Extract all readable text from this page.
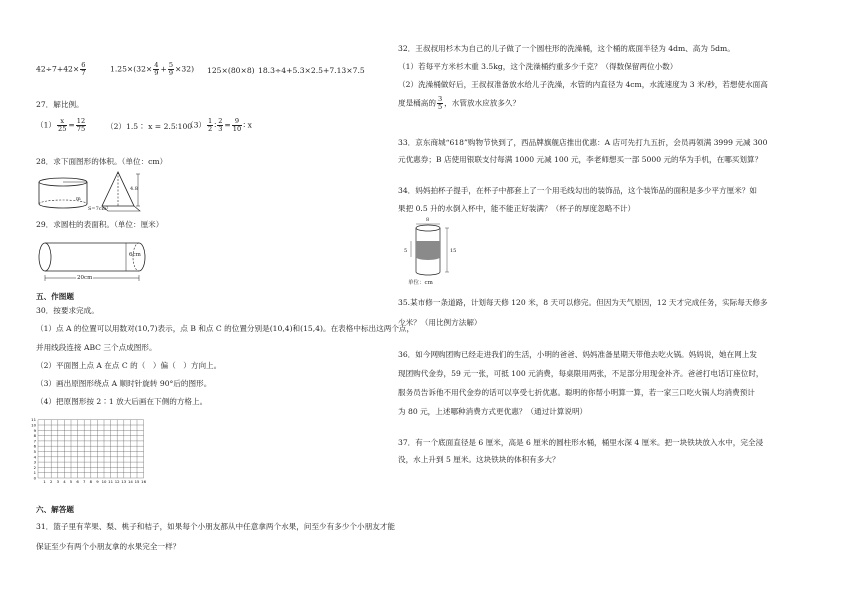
$42\div 7+42\times \frac{6}{7}$	$1.25\times(32\times \frac{4}{9} + \frac{5}{9} \times 32)$ 125×(80×8) 18.3÷4+5.3×2.5+7.13×7.5
27．解比例。
$(1) \frac{x}{25} = \frac{12}{75}$	（2）1.5∶ x = 2.5∶100
$(3) \frac{1}{2}$ ∶ $\frac{2}{3} = \frac{9}{10}$ ∶ x
28．求下面图形的体积。（单位：cm）
m
4.8
S=7cm²
29．求圆柱的表面积。（单位：厘米）
6cm
20cm
五、作图题
30．按要求完成。
（1）点 A 的位置可以用数对(10,7)表示，点 B 和点 C 的位置分别是(10,4)和(15,4)。在表格中标出这两个点，
并用线段连接 ABC 三个点成图形。
（2）平面图上点 A 在点 C 的（　）偏（　）方向上。
（3）画出原图形绕点 A 顺时针旋转 90°后的图形。
（4）把原图形按 2∶1 放大后画在下侧的方格上。
11
10
9
8
7
6
5
4
3
2
1
0
1 2 3 4 5 6 7 8 9 10 11 12 13 14 15 16
六、解答题
31．篮子里有苹果、梨、桃子和桔子，如果每个小朋友都从中任意拿两个水果，问至少有多少个小朋友才能
保证至少有两个小朋友拿的水果完全一样？
32．王叔叔用杉木为自己的儿子做了一个圆柱形的洗澡桶，这个桶的底面半径为 4dm、高为 5dm。
（1）若每平方米杉木重 3.5kg，这个洗澡桶约重多少千克？（得数保留两位小数）
（2）洗澡桶做好后，王叔叔准备放水给儿子洗澡，水管的内直径为 4cm，水流速度为 3 米/秒，若想使水面高
度是桶高的 $\frac{3}{5}$ ，水管放水应放多久？
33．京东商城“618”购物节快到了，西品牌旗舰店推出优惠：A 店可先打九五折，会员再领满 3999 元减 300
元优惠券；B 店使用银联支付每满 1000 元减 100 元，李老师想买一部 5000 元的华为手机，在哪买划算？
34．妈妈拍杯子提手，在杯子中都套上了一个用毛线勾出的装饰品，这个装饰品的面积是多少平方厘米？如
果把 0.5 升的水倒入杯中，能不能正好装满？（杯子的厚度忽略不计）
8
5	15
单位：cm
35.某市修一条道路，计划每天修 120 米，8 天可以修完。但因为天气原因，12 天才完成任务，实际每天修多
少米？（用比例方法解）
36．如今网购团购已经走进我们的生活，小明的爸爸、妈妈准备星期天带他去吃火锅。妈妈说，她在网上发
现团购代金券，59 元一张，可抵 100 元消费，每桌限用两张，不足部分用现金补齐。爸爸打电话订座位时，
服务员告诉他不用代金券的话可以享受七折优惠。聪明的你帮小明算一算，若一家三口吃火锅人均消费预计
为 80 元，上述哪种消费方式更优惠？（通过计算说明）
37．有一个底面直径是 6 厘米，高是 6 厘米的圆柱形水桶，桶里水深 4 厘米。把一块铁块放入水中，完全浸
没，水上升到 5 厘米。这块铁块的体积有多大？
